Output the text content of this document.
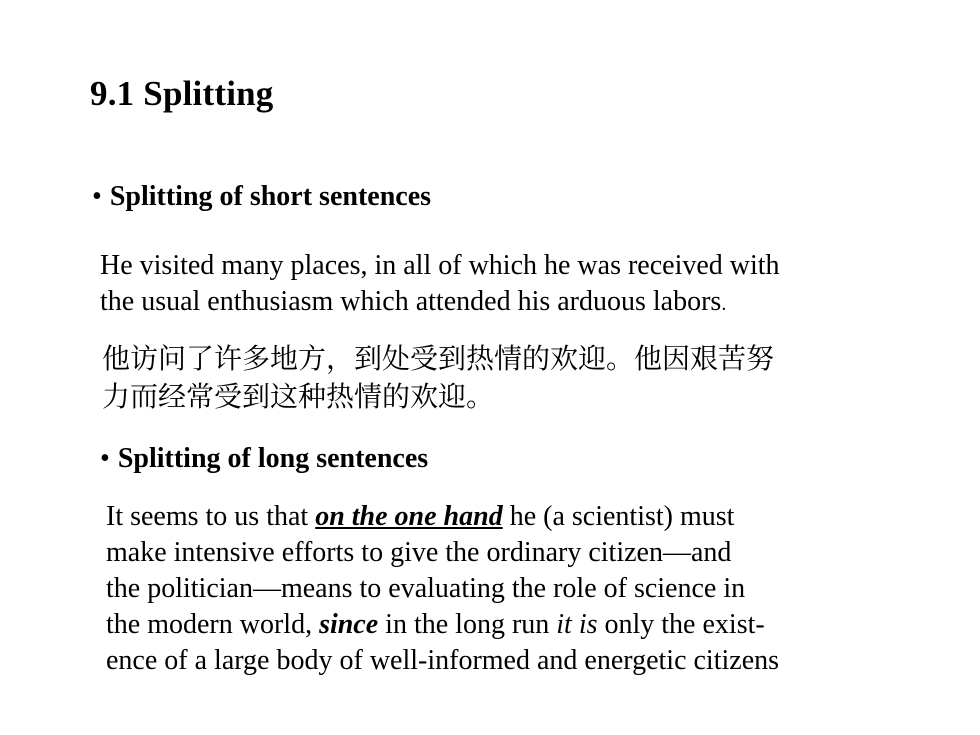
9.1 Splitting
• Splitting of short sentences
He visited many places, in all of which he was received with
the usual enthusiasm which attended his arduous labors.
他访问了许多地方，到处受到热情的欢迎。他因艰苦努
力而经常受到这种热情的欢迎。
• Splitting of long sentences
It seems to us that on the one hand he (a scientist) must
make intensive efforts to give the ordinary citizen—and
the politician—means to evaluating the role of science in
the modern world, since in the long run it is only the exist-
ence of a large body of well-informed and energetic citizens
